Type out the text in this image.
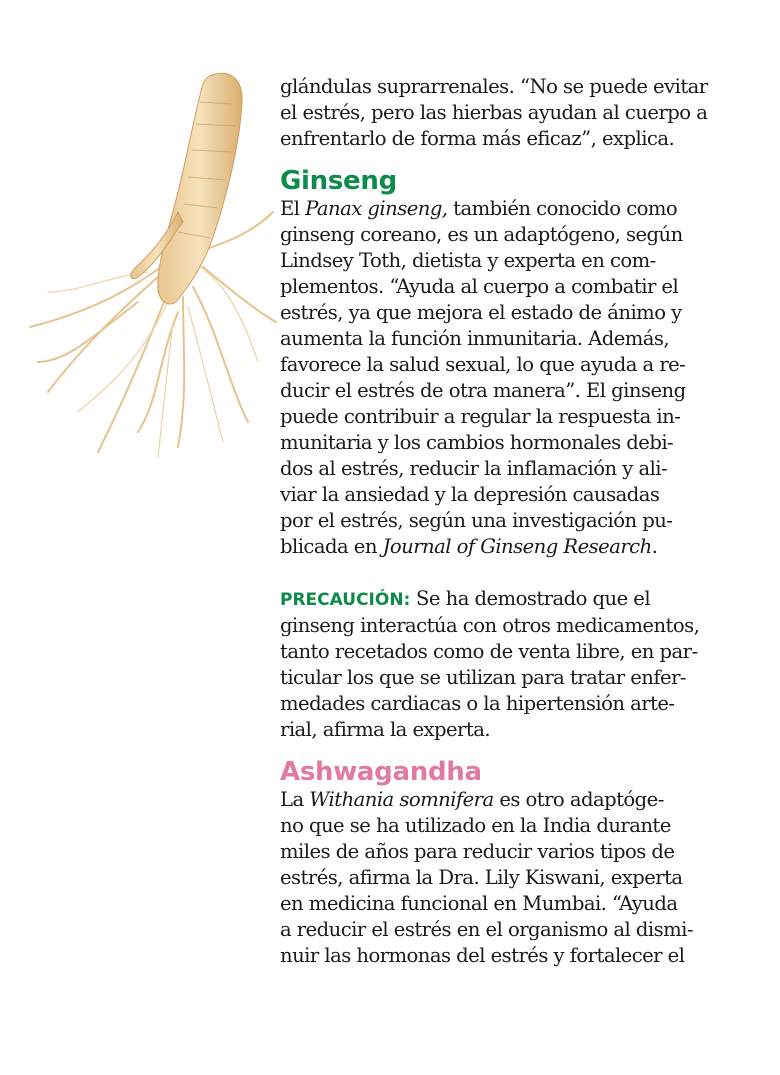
glándulas suprarrenales. “No se puede evitar

el estrés, pero las hierbas ayudan al cuerpo a

enfrentarlo de forma más eficaz”, explica.

Ginseng

El Panax ginseng, también conocido como

ginseng coreano, es un adaptógeno, según

Lindsey Toth, dietista y experta en com-

plementos. “Ayuda al cuerpo a combatir el

estrés, ya que mejora el estado de ánimo y

aumenta la función inmunitaria. Además,

favorece la salud sexual, lo que ayuda a re-

ducir el estrés de otra manera”. El ginseng

puede contribuir a regular la respuesta in-

munitaria y los cambios hormonales debi-

dos al estrés, reducir la inflamación y ali-

viar la ansiedad y la depresión causadas

por el estrés, según una investigación pu-

blicada en Journal of Ginseng Research.

PRECAUCIÓN: Se ha demostrado que el

ginseng interactúa con otros medicamentos,

tanto recetados como de venta libre, en par-

ticular los que se utilizan para tratar enfer-

medades cardiacas o la hipertensión arte-

rial, afirma la experta.

Ashwagandha

La Withania somnifera es otro adaptóge-

no que se ha utilizado en la India durante

miles de años para reducir varios tipos de

estrés, afirma la Dra. Lily Kiswani, experta

en medicina funcional en Mumbai. “Ayuda

a reducir el estrés en el organismo al dismi-

nuir las hormonas del estrés y fortalecer el
